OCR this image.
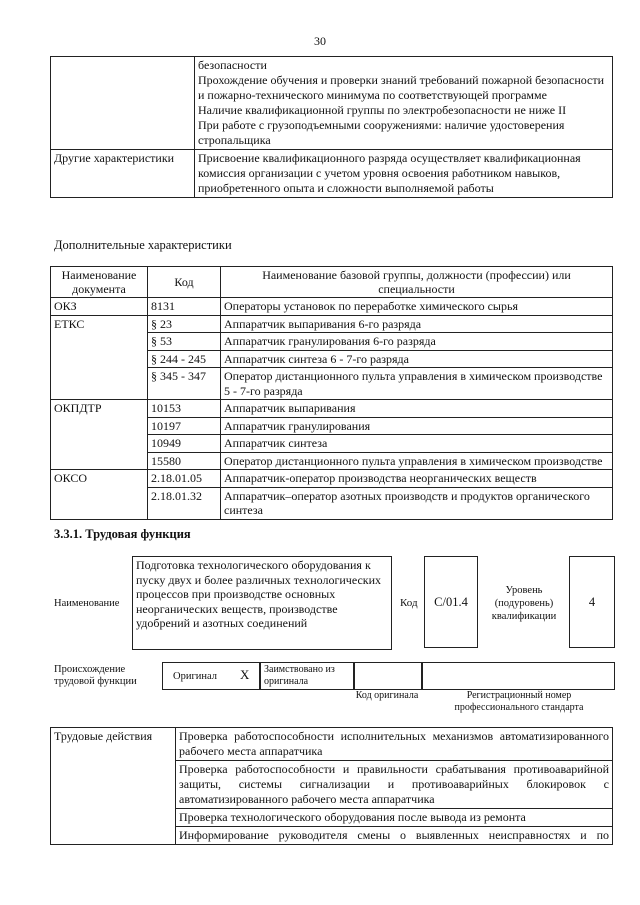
30

	безопасности
Прохождение обучения и проверки знаний требований пожарной безопасности и пожарно-технического минимума по соответствующей программе
Наличие квалификационной группы по электробезопасности не ниже II
При работе с грузоподъемными сооружениями: наличие удостоверения стропальщика

Другие характеристики	Присвоение квалификационного разряда осуществляет квалификационная комиссия организации с учетом уровня освоения работником навыков, приобретенного опыта и сложности выполняемой работы
Дополнительные характеристики
Наименование документа	Код	Наименование базовой группы, должности (профессии) или специальности
ОКЗ	8131	Операторы установок по переработке химического сырья
ЕТКС	§ 23	Аппаратчик выпаривания 6-го разряда
	§ 53	Аппаратчик гранулирования 6-го разряда
	§ 244 - 245	Аппаратчик синтеза 6 - 7-го разряда
	§ 345 - 347	Оператор дистанционного пульта управления в химическом производстве 5 - 7-го разряда
ОКПДТР	10153	Аппаратчик выпаривания
	10197	Аппаратчик гранулирования
	10949	Аппаратчик синтеза
	15580	Оператор дистанционного пульта управления в химическом производстве
ОКСО	2.18.01.05	Аппаратчик-оператор производства неорганических веществ
	2.18.01.32	Аппаратчик–оператор азотных производств и продуктов органического синтеза
3.3.1. Трудовая функция
Наименование
Подготовка технологического оборудования к пуску двух и более различных технологических процессов при производстве основных неорганических веществ, производстве удобрений и азотных соединений
Код	C/01.4
Уровень (подуровень) квалификации
4
Происхождение трудовой функции	Оригинал Х Заимствовано из оригинала
Код оригинала	Регистрационный номер профессионального стандарта
Трудовые действия	Проверка работоспособности исполнительных механизмов автоматизированного рабочего места аппаратчика
	Проверка работоспособности и правильности срабатывания противоаварийной защиты, системы сигнализации и противоаварийных блокировок с автоматизированного рабочего места аппаратчика
	Проверка технологического оборудования после вывода из ремонта
	Информирование руководителя смены о выявленных неисправностях и по
